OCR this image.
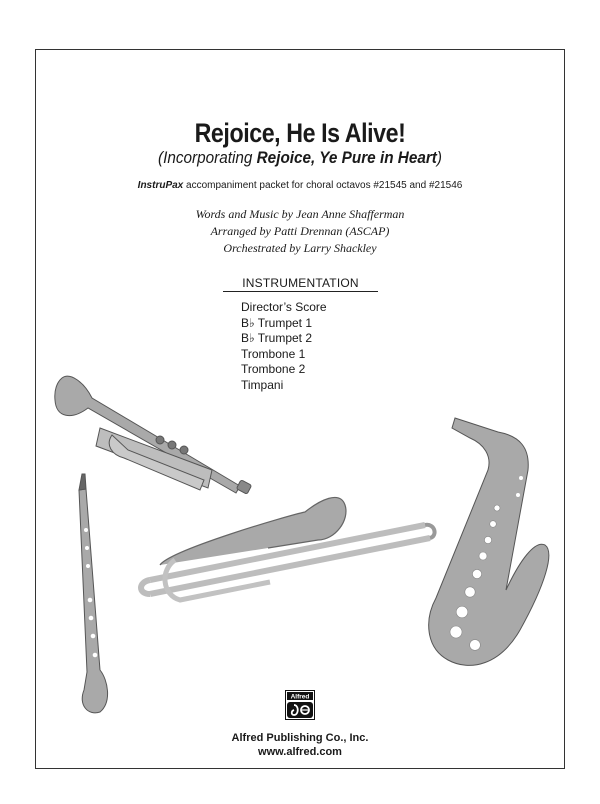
Rejoice, He Is Alive!
(Incorporating Rejoice, Ye Pure in Heart)
InstruPax accompaniment packet for choral octavos #21545 and #21546
Words and Music by Jean Anne Shafferman
Arranged by Patti Drennan (ASCAP)
Orchestrated by Larry Shackley
INSTRUMENTATION
Director’s Score
B♭ Trumpet 1
B♭ Trumpet 2
Trombone 1
Trombone 2
Timpani
Alfred
Alfred Publishing Co., Inc.
www.alfred.com
